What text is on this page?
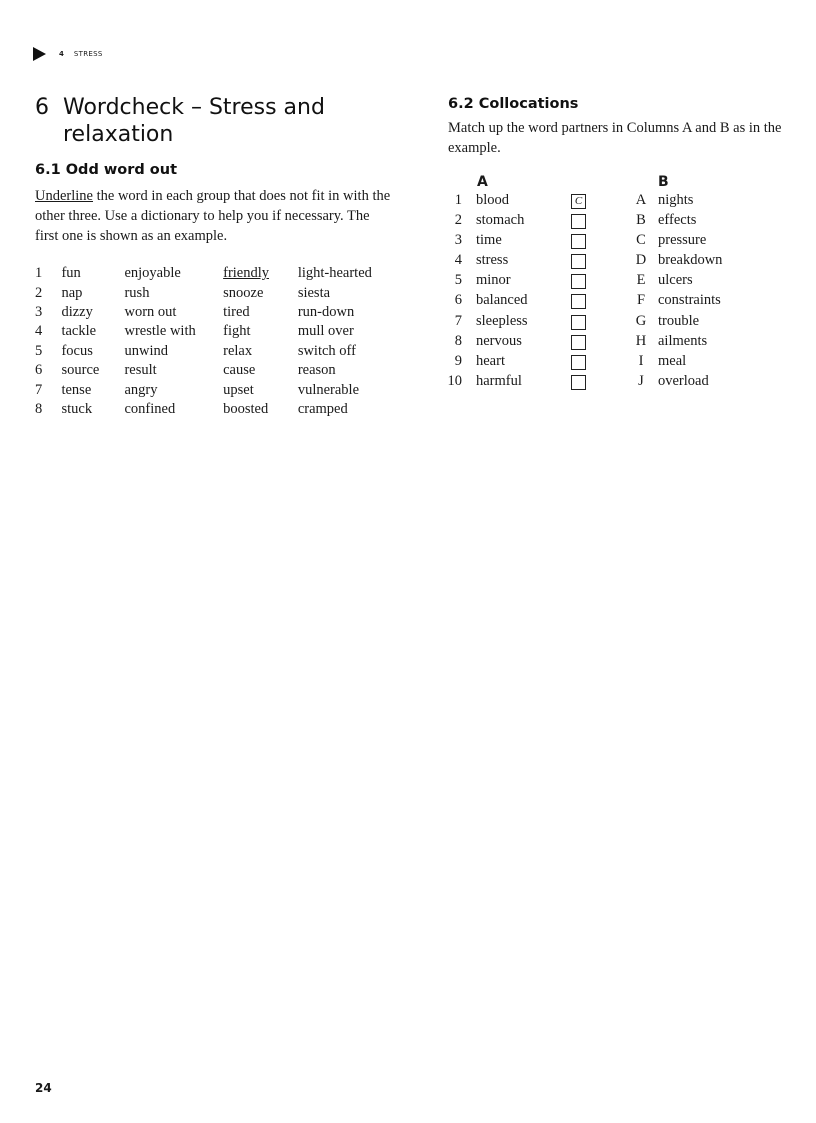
4 STRESS
6 Wordcheck – Stress and relaxation
6.1 Odd word out
Underline the word in each group that does not fit in with the other three. Use a dictionary to help you if necessary. The first one is shown as an example.
1	fun	enjoyable	friendly	light-hearted
2	nap	rush	snooze	siesta
3	dizzy	worn out	tired	run-down
4	tackle	wrestle with	fight	mull over
5	focus	unwind	relax	switch off
6	source	result	cause	reason
7	tense	angry	upset	vulnerable
8	stuck	confined	boosted	cramped
6.2 Collocations
Match up the word partners in Columns A and B as in the example.
A	B
1 blood	C	A nights
2 stomach	B effects
3 time	C pressure
4 stress	D breakdown
5 minor	E ulcers
6 balanced	F constraints
7 sleepless	G trouble
8 nervous	H ailments
9 heart	I	meal
10 harmful	J overload
24
